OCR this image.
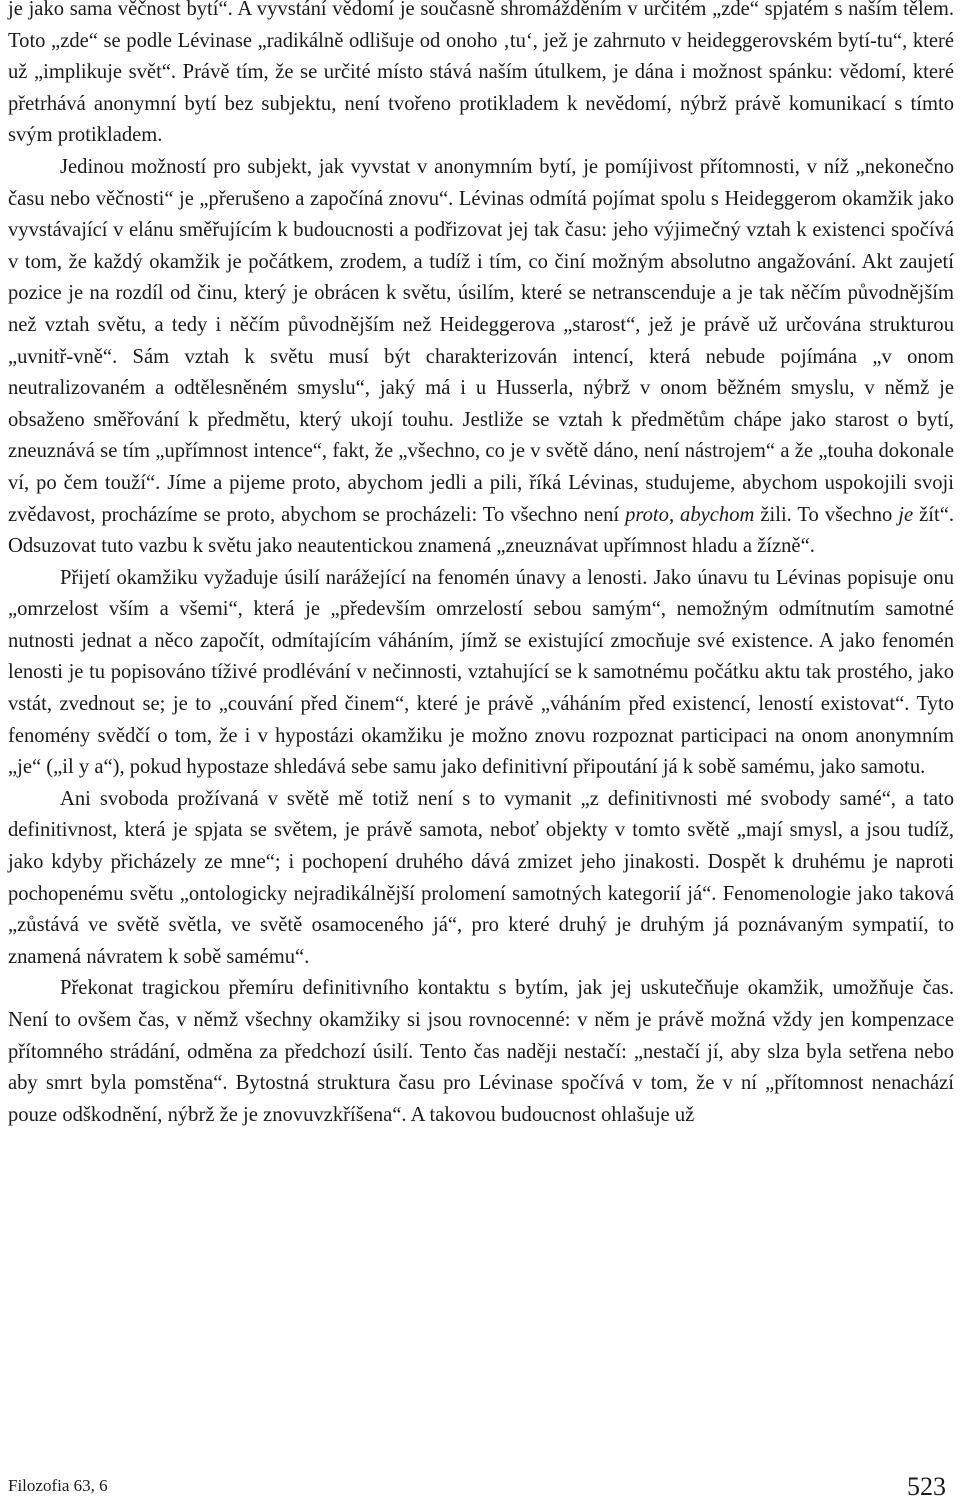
je jako sama věčnost bytí“. A vyvstání vědomí je současně shromážděním v určitém „zde“ spjatém s naším tělem. Toto „zde“ se podle Lévinase „radikálně odlišuje od onoho ‚tu‘, jež je zahrnuto v heideggerovském bytí-tu“, které už „implikuje svět“. Právě tím, že se určité místo stává naším útulkem, je dána i možnost spánku: vědomí, které přetrhává anonymní bytí bez subjektu, není tvořeno protikladem k nevědomí, nýbrž právě komunikací s tímto svým protikladem.

Jedinou možností pro subjekt, jak vyvstat v anonymním bytí, je pomíjivost přítomnosti, v níž „nekonečno času nebo věčnosti“ je „přerušeno a započíná znovu“. Lévinas odmítá pojímat spolu s Heideggerom okamžik jako vyvstávající v elánu směřujícím k budoucnosti a podřizovat jej tak času: jeho výjimečný vztah k existenci spočívá v tom, že každý okamžik je počátkem, zrodem, a tudíž i tím, co činí možným absolutno angažování. Akt zaujetí pozice je na rozdíl od činu, který je obrácen k světu, úsilím, které se netranscenduje a je tak něčím původnějším než vztah světu, a tedy i něčím původnějším než Heideggerova „starost“, jež je právě už určována strukturou „uvnitř-vně“. Sám vztah k světu musí být charakterizován intencí, která nebude pojímána „v onom neutralizovaném a odtělesněném smyslu“, jaký má i u Husserla, nýbrž v onom běžném smyslu, v němž je obsaženo směřování k předmětu, který ukojí touhu. Jestliže se vztah k předmětům chápe jako starost o bytí, zneuznává se tím „upřímnost intence“, fakt, že „všechno, co je v světě dáno, není nástrojem“ a že „touha dokonale ví, po čem touží“. Jíme a pijeme proto, abychom jedli a pili, říká Lévinas, studujeme, abychom uspokojili svoji zvědavost, procházíme se proto, abychom se procházeli: To všechno není proto, abychom žili. To všechno je žít“. Odsuzovat tuto vazbu k světu jako neautentickou znamená „zneuznávat upřímnost hladu a žízně“.

Přijetí okamžiku vyžaduje úsilí narážející na fenomén únavy a lenosti. Jako únavu tu Lévinas popisuje onu „omrzelost vším a všemi“, která je „především omrzelostí sebou samým“, nemožným odmítnutím samotné nutnosti jednat a něco započít, odmítajícím váháním, jímž se existující zmocňuje své existence. A jako fenomén lenosti je tu popisováno tíživé prodlévání v nečinnosti, vztahující se k samotnému počátku aktu tak prostého, jako vstát, zvednout se; je to „couvání před činem“, které je právě „váháním před existencí, leností existovat“. Tyto fenomény svědčí o tom, že i v hypostázi okamžiku je možno znovu rozpoznat participaci na onom anonymním „je“ („il y a“), pokud hypostaze shledává sebe samu jako definitivní připoutání já k sobě samému, jako samotu.

Ani svoboda prožívaná v světě mě totiž není s to vymanit „z definitivnosti mé svobody samé“, a tato definitivnost, která je spjata se světem, je právě samota, neboť objekty v tomto světě „mají smysl, a jsou tudíž, jako kdyby přicházely ze mne“; i pochopení druhého dává zmizet jeho jinakosti. Dospět k druhému je naproti pochopenému světu „ontologicky nejradikálnější prolomení samotných kategorií já“. Fenomenologie jako taková „zůstává ve světě světla, ve světě osamoceného já“, pro které druhý je druhým já poznávaným sympatií, to znamená návratem k sobě samému“.

Překonat tragickou přemíru definitivního kontaktu s bytím, jak jej uskutečňuje okamžik, umožňuje čas. Není to ovšem čas, v němž všechny okamžiky si jsou rovnocenné: v něm je právě možná vždy jen kompenzace přítomného strádání, odměna za předchozí úsilí. Tento čas naději nestačí: „nestačí jí, aby slza byla setřena nebo aby smrt byla pomstěna“. Bytostná struktura času pro Lévinase spočívá v tom, že v ní „přítomnost nenachází pouze odškodnění, nýbrž že je znovuvzkříšena“. A takovou budoucnost ohlašuje už

Filozofia 63, 6	523
